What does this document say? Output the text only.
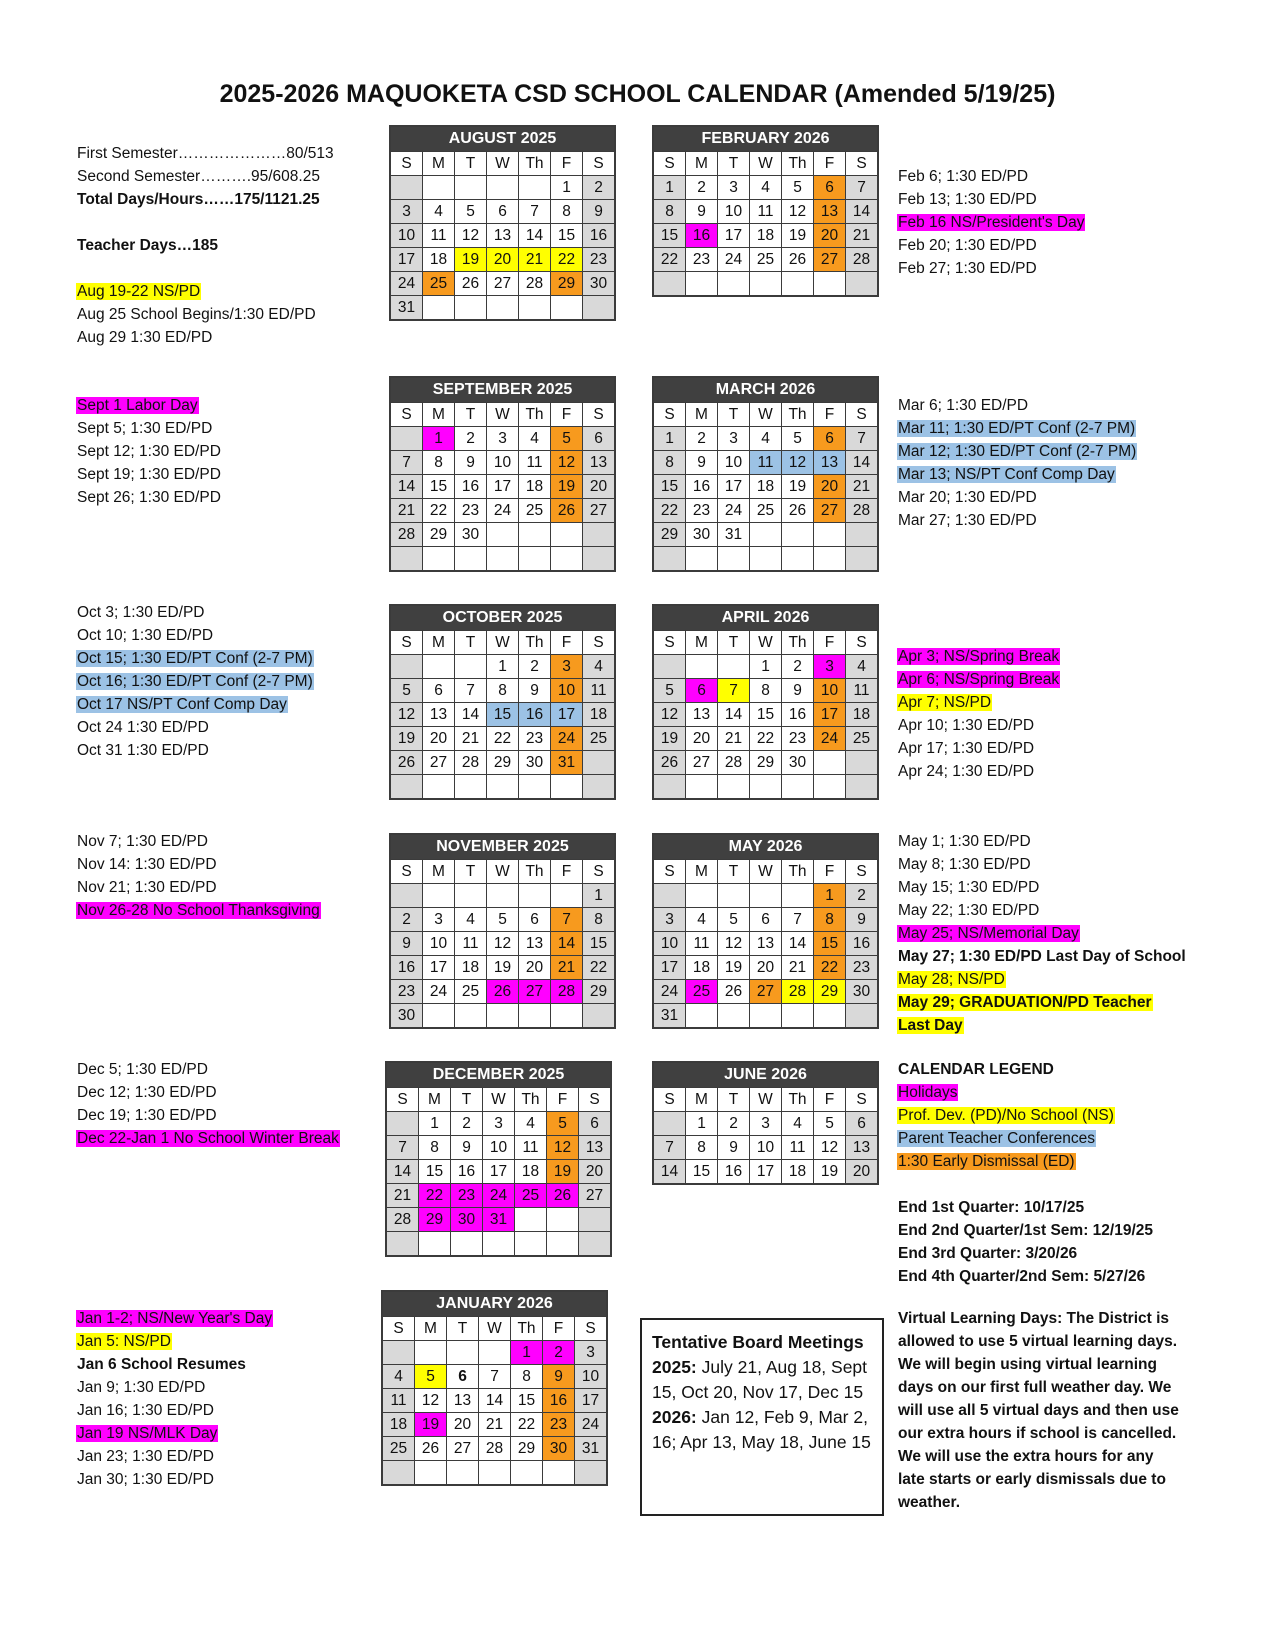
2025-2026 MAQUOKETA CSD SCHOOL CALENDAR (Amended 5/19/25)
First Semester…………………80/513
Second Semester……….95/608.25
Total Days/Hours……175/1121.25
Teacher Days…185
Aug 19-22 NS/PD
Aug 25 School Begins/1:30 ED/PD
Aug 29 1:30 ED/PD
Sept 1 Labor Day
Sept 5; 1:30 ED/PD
Sept 12; 1:30 ED/PD
Sept 19; 1:30 ED/PD
Sept 26; 1:30 ED/PD
Oct 3; 1:30 ED/PD
Oct 10; 1:30 ED/PD
Oct 15; 1:30 ED/PT Conf (2-7 PM)
Oct 16; 1:30 ED/PT Conf (2-7 PM)
Oct 17 NS/PT Conf Comp Day
Oct 24 1:30 ED/PD
Oct 31 1:30 ED/PD
Nov 7; 1:30 ED/PD
Nov 14: 1:30 ED/PD
Nov 21; 1:30 ED/PD
Nov 26-28 No School Thanksgiving
Dec 5; 1:30 ED/PD
Dec 12; 1:30 ED/PD
Dec 19; 1:30 ED/PD
Dec 22-Jan 1 No School Winter Break
Jan 1-2; NS/New Year's Day
Jan 5: NS/PD
Jan 6 School Resumes
Jan 9; 1:30 ED/PD
Jan 16; 1:30 ED/PD
Jan 19 NS/MLK Day
Jan 23; 1:30 ED/PD
Jan 30; 1:30 ED/PD
Feb 6; 1:30 ED/PD
Feb 13; 1:30 ED/PD
Feb 16 NS/President's Day
Feb 20; 1:30 ED/PD
Feb 27; 1:30 ED/PD
Mar 6; 1:30 ED/PD
Mar 11; 1:30 ED/PT Conf (2-7 PM)
Mar 12; 1:30 ED/PT Conf (2-7 PM)
Mar 13; NS/PT Conf Comp Day
Mar 20; 1:30 ED/PD
Mar 27; 1:30 ED/PD
Apr 3; NS/Spring Break
Apr 6; NS/Spring Break
Apr 7; NS/PD
Apr 10; 1:30 ED/PD
Apr 17; 1:30 ED/PD
Apr 24; 1:30 ED/PD
May 1; 1:30 ED/PD
May 8; 1:30 ED/PD
May 15; 1:30 ED/PD
May 22; 1:30 ED/PD
May 25; NS/Memorial Day
May 27; 1:30 ED/PD Last Day of School
May 28; NS/PD
May 29; GRADUATION/PD Teacher
Last Day
CALENDAR LEGEND
Holidays
Prof. Dev. (PD)/No School (NS)
Parent Teacher Conferences
1:30 Early Dismissal (ED)
End 1st Quarter: 10/17/25
End 2nd Quarter/1st Sem: 12/19/25
End 3rd Quarter: 3/20/26
End 4th Quarter/2nd Sem: 5/27/26
Virtual Learning Days: The District is
allowed to use 5 virtual learning days.
We will begin using virtual learning
days on our first full weather day. We
will use all 5 virtual days and then use
our extra hours if school is cancelled.
We will use the extra hours for any
late starts or early dismissals due to
weather.
AUGUST 2025						
S	M	T	W	Th	F	S
					1	2
3	4	5	6	7	8	9
10	11	12	13	14	15	16
17	18	19	20	21	22	23
24	25	26	27	28	29	30
31						
SEPTEMBER 2025						
S	M	T	W	Th	F	S
	1	2	3	4	5	6
7	8	9	10	11	12	13
14	15	16	17	18	19	20
21	22	23	24	25	26	27
28	29	30				

OCTOBER 2025						
S	M	T	W	Th	F	S
			1	2	3	4
5	6	7	8	9	10	11
12	13	14	15	16	17	18
19	20	21	22	23	24	25
26	27	28	29	30	31	

NOVEMBER 2025						
S	M	T	W	Th	F	S
						1
2	3	4	5	6	7	8
9	10	11	12	13	14	15
16	17	18	19	20	21	22
23	24	25	26	27	28	29
30						
DECEMBER 2025						
S	M	T	W	Th	F	S
	1	2	3	4	5	6
7	8	9	10	11	12	13
14	15	16	17	18	19	20
21	22	23	24	25	26	27
28	29	30	31			

JANUARY 2026						
S	M	T	W	Th	F	S
				1	2	3
4	5	6	7	8	9	10
11	12	13	14	15	16	17
18	19	20	21	22	23	24
25	26	27	28	29	30	31

FEBRUARY 2026						
S	M	T	W	Th	F	S
1	2	3	4	5	6	7
8	9	10	11	12	13	14
15	16	17	18	19	20	21
22	23	24	25	26	27	28

MARCH 2026						
S	M	T	W	Th	F	S
1	2	3	4	5	6	7
8	9	10	11	12	13	14
15	16	17	18	19	20	21
22	23	24	25	26	27	28
29	30	31				

APRIL 2026						
S	M	T	W	Th	F	S
			1	2	3	4
5	6	7	8	9	10	11
12	13	14	15	16	17	18
19	20	21	22	23	24	25
26	27	28	29	30		

MAY 2026						
S	M	T	W	Th	F	S
					1	2
3	4	5	6	7	8	9
10	11	12	13	14	15	16
17	18	19	20	21	22	23
24	25	26	27	28	29	30
31						
JUNE 2026						
S	M	T	W	Th	F	S
	1	2	3	4	5	6
7	8	9	10	11	12	13
14	15	16	17	18	19	20
Tentative Board Meetings
2025: July 21, Aug 18, Sept 15, Oct 20, Nov 17, Dec 15
2026: Jan 12, Feb 9, Mar 2, 16; Apr 13, May 18, June 15
